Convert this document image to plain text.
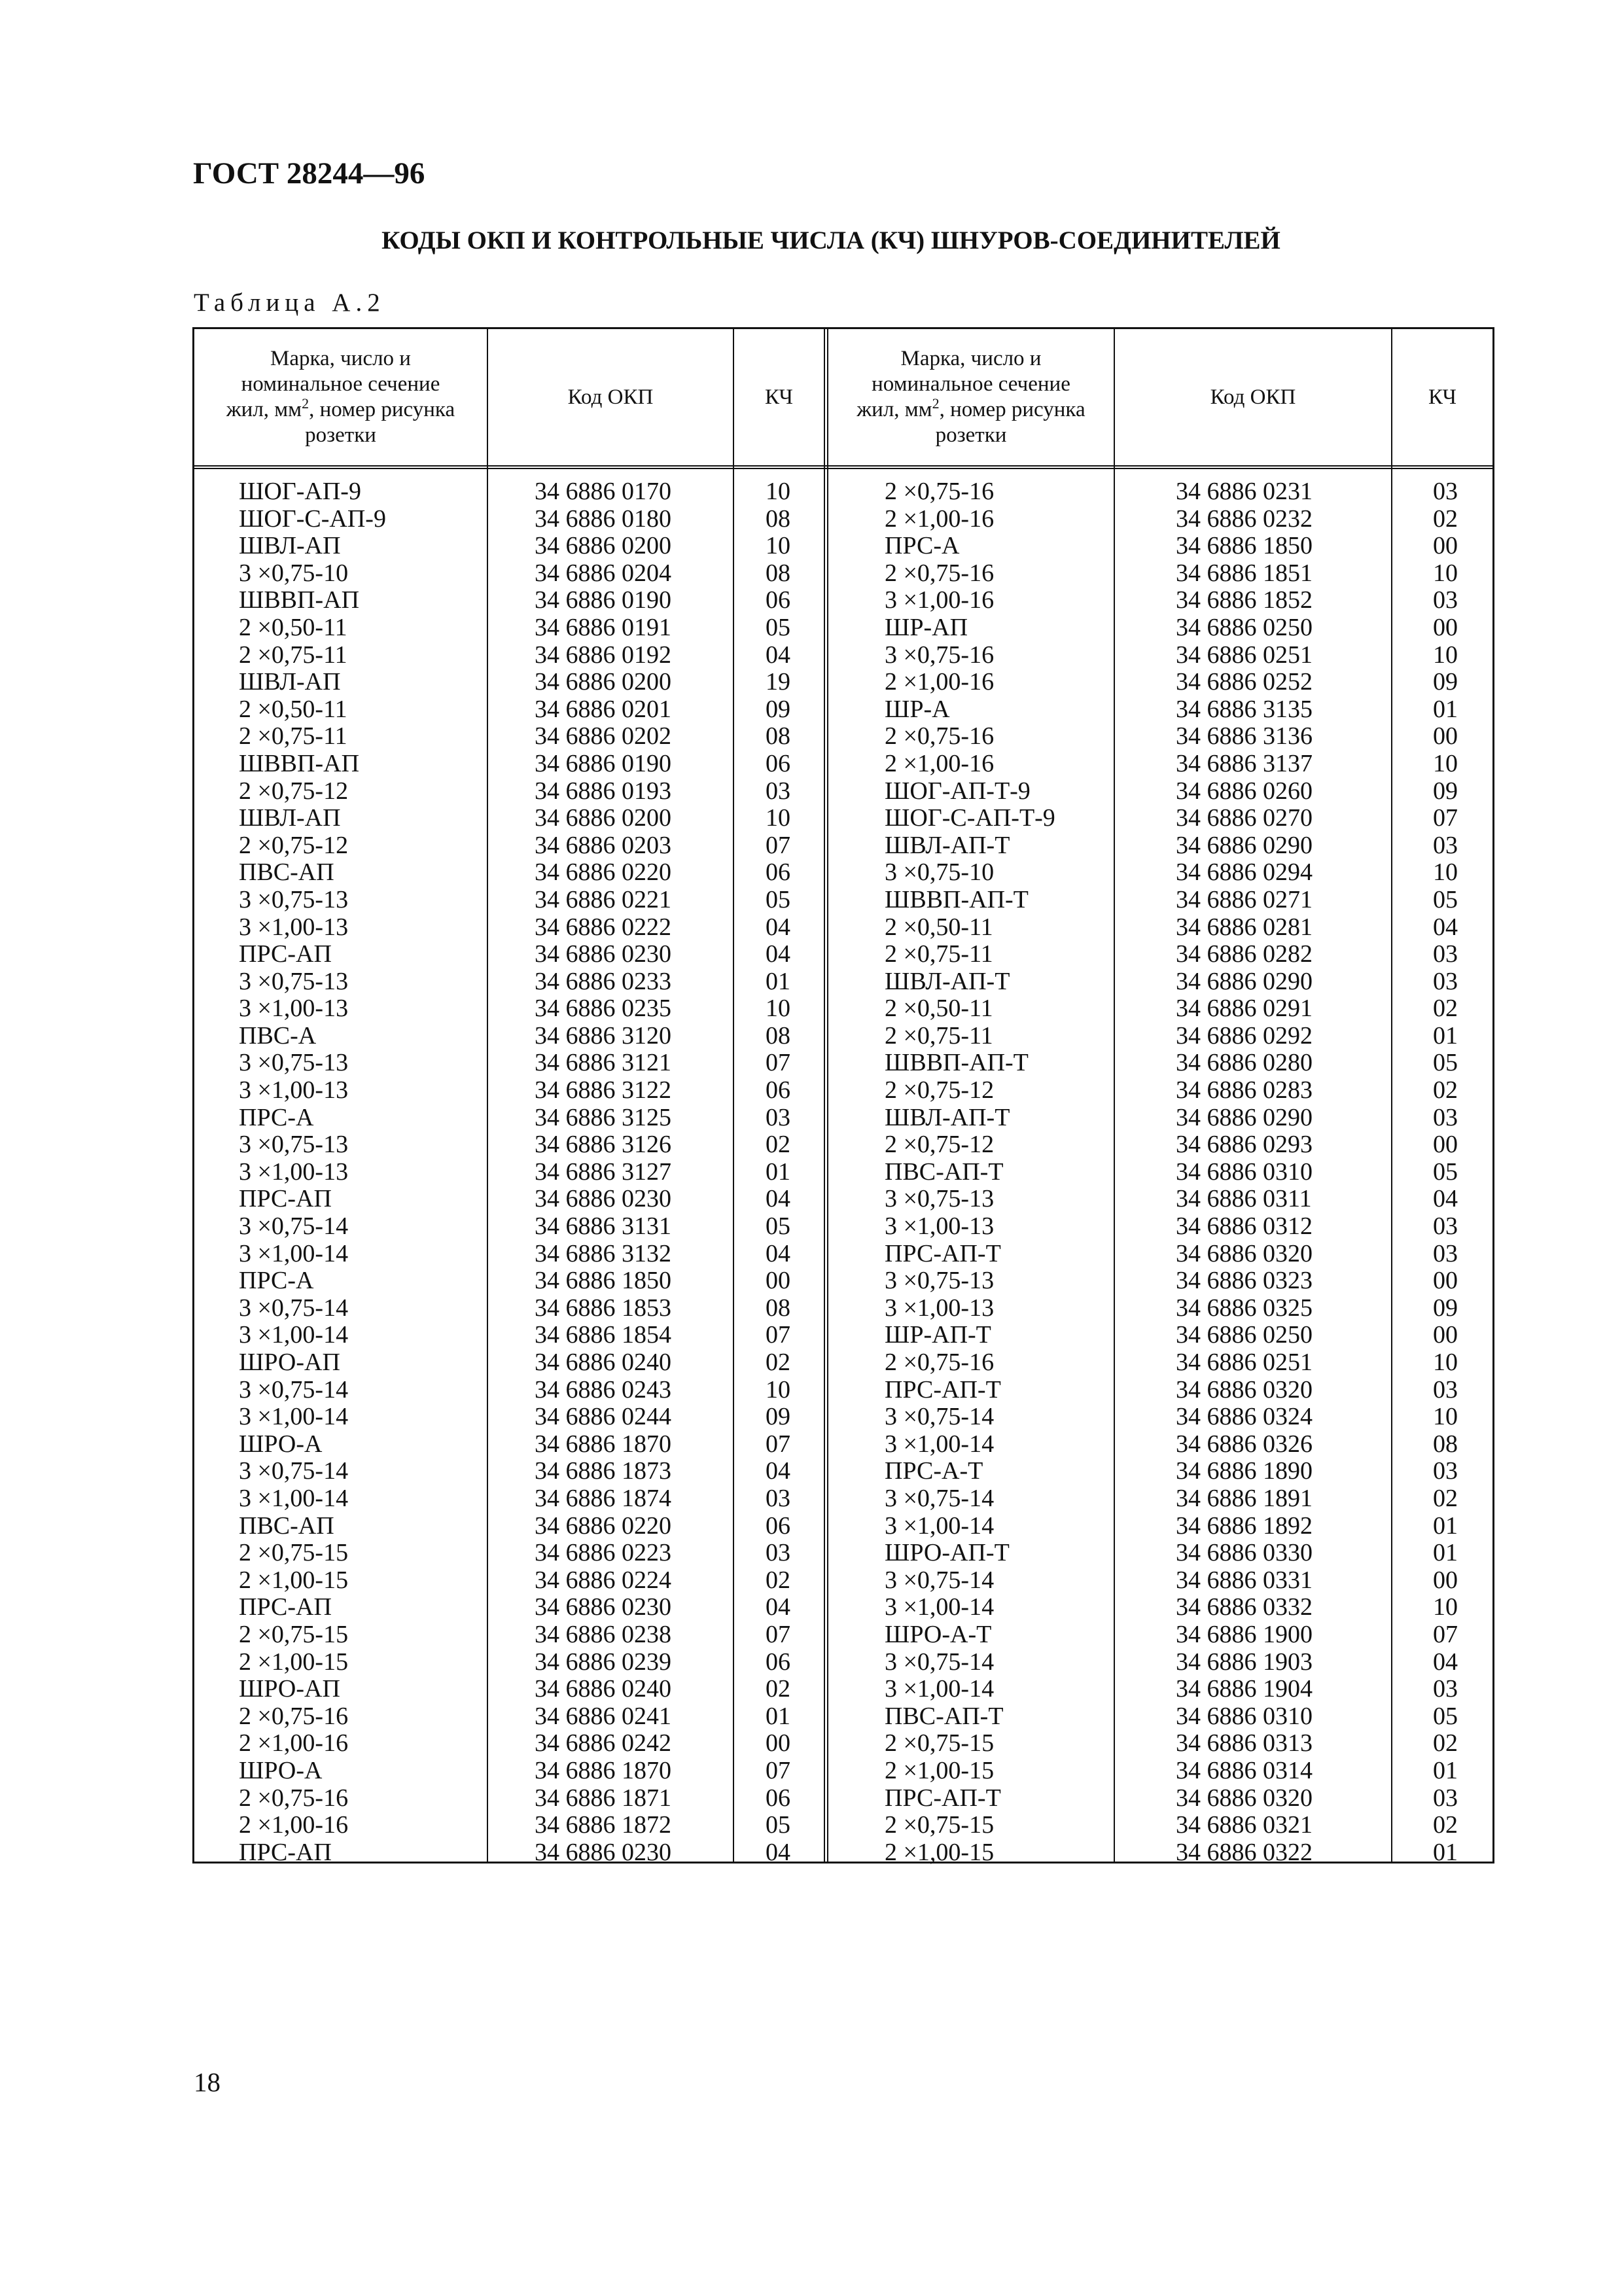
ГОСТ 28244—96
КОДЫ ОКП И КОНТРОЛЬНЫЕ ЧИСЛА (КЧ) ШНУРОВ-СОЕДИНИТЕЛЕЙ
Таблица А.2
Марка, число и
номинальное сечение
жил, $мм^2$, номер рисунка
розетки
Код ОКП	КЧ
Марка, число и
номинальное сечение
жил, $мм^2$, номер рисунка
розетки
Код ОКП	КЧ
ШОГ-АП-9
ШОГ-С-АП-9
ШВЛ-АП
3 ×0,75-10
ШВВП-АП
2 ×0,50-11
2 ×0,75-11
ШВЛ-АП
2 ×0,50-11
2 ×0,75-11
ШВВП-АП
2 ×0,75-12
ШВЛ-АП
2 ×0,75-12
ПВС-АП
3 ×0,75-13
3 ×1,00-13
ПРС-АП
3 ×0,75-13
3 ×1,00-13
ПВС-А
3 ×0,75-13
3 ×1,00-13
ПРС-А
3 ×0,75-13
3 ×1,00-13
ПРС-АП
3 ×0,75-14
3 ×1,00-14
ПРС-А
3 ×0,75-14
3 ×1,00-14
ШРО-АП
3 ×0,75-14
3 ×1,00-14
ШРО-А
3 ×0,75-14
3 ×1,00-14
ПВС-АП
2 ×0,75-15
2 ×1,00-15
ПРС-АП
2 ×0,75-15
2 ×1,00-15
ШРО-АП
2 ×0,75-16
2 ×1,00-16
ШРО-А
2 ×0,75-16
2 ×1,00-16
ПРС-АП
34 6886 0170
34 6886 0180
34 6886 0200
34 6886 0204
34 6886 0190
34 6886 0191
34 6886 0192
34 6886 0200
34 6886 0201
34 6886 0202
34 6886 0190
34 6886 0193
34 6886 0200
34 6886 0203
34 6886 0220
34 6886 0221
34 6886 0222
34 6886 0230
34 6886 0233
34 6886 0235
34 6886 3120
34 6886 3121
34 6886 3122
34 6886 3125
34 6886 3126
34 6886 3127
34 6886 0230
34 6886 3131
34 6886 3132
34 6886 1850
34 6886 1853
34 6886 1854
34 6886 0240
34 6886 0243
34 6886 0244
34 6886 1870
34 6886 1873
34 6886 1874
34 6886 0220
34 6886 0223
34 6886 0224
34 6886 0230
34 6886 0238
34 6886 0239
34 6886 0240
34 6886 0241
34 6886 0242
34 6886 1870
34 6886 1871
34 6886 1872
34 6886 0230
10
08
10
08
06
05
04
19
09
08
06
03
10
07
06
05
04
04
01
10
08
07
06
03
02
01
04
05
04
00
08
07
02
10
09
07
04
03
06
03
02
04
07
06
02
01
00
07
06
05
04
2 ×0,75-16
2 ×1,00-16
ПРС-А
2 ×0,75-16
3 ×1,00-16
ШР-АП
3 ×0,75-16
2 ×1,00-16
ШР-А
2 ×0,75-16
2 ×1,00-16
ШОГ-АП-Т-9
ШОГ-С-АП-Т-9
ШВЛ-АП-Т
3 ×0,75-10
ШВВП-АП-Т
2 ×0,50-11
2 ×0,75-11
ШВЛ-АП-Т
2 ×0,50-11
2 ×0,75-11
ШВВП-АП-Т
2 ×0,75-12
ШВЛ-АП-Т
2 ×0,75-12
ПВС-АП-Т
3 ×0,75-13
3 ×1,00-13
ПРС-АП-Т
3 ×0,75-13
3 ×1,00-13
ШР-АП-Т
2 ×0,75-16
ПРС-АП-Т
3 ×0,75-14
3 ×1,00-14
ПРС-А-Т
3 ×0,75-14
3 ×1,00-14
ШРО-АП-Т
3 ×0,75-14
3 ×1,00-14
ШРО-А-Т
3 ×0,75-14
3 ×1,00-14
ПВС-АП-Т
2 ×0,75-15
2 ×1,00-15
ПРС-АП-Т
2 ×0,75-15
2 ×1,00-15
34 6886 0231
34 6886 0232
34 6886 1850
34 6886 1851
34 6886 1852
34 6886 0250
34 6886 0251
34 6886 0252
34 6886 3135
34 6886 3136
34 6886 3137
34 6886 0260
34 6886 0270
34 6886 0290
34 6886 0294
34 6886 0271
34 6886 0281
34 6886 0282
34 6886 0290
34 6886 0291
34 6886 0292
34 6886 0280
34 6886 0283
34 6886 0290
34 6886 0293
34 6886 0310
34 6886 0311
34 6886 0312
34 6886 0320
34 6886 0323
34 6886 0325
34 6886 0250
34 6886 0251
34 6886 0320
34 6886 0324
34 6886 0326
34 6886 1890
34 6886 1891
34 6886 1892
34 6886 0330
34 6886 0331
34 6886 0332
34 6886 1900
34 6886 1903
34 6886 1904
34 6886 0310
34 6886 0313
34 6886 0314
34 6886 0320
34 6886 0321
34 6886 0322
03
02
00
10
03
00
10
09
01
00
10
09
07
03
10
05
04
03
03
02
01
05
02
03
00
05
04
03
03
00
09
00
10
03
10
08
03
02
01
01
00
10
07
04
03
05
02
01
03
02
01
18
